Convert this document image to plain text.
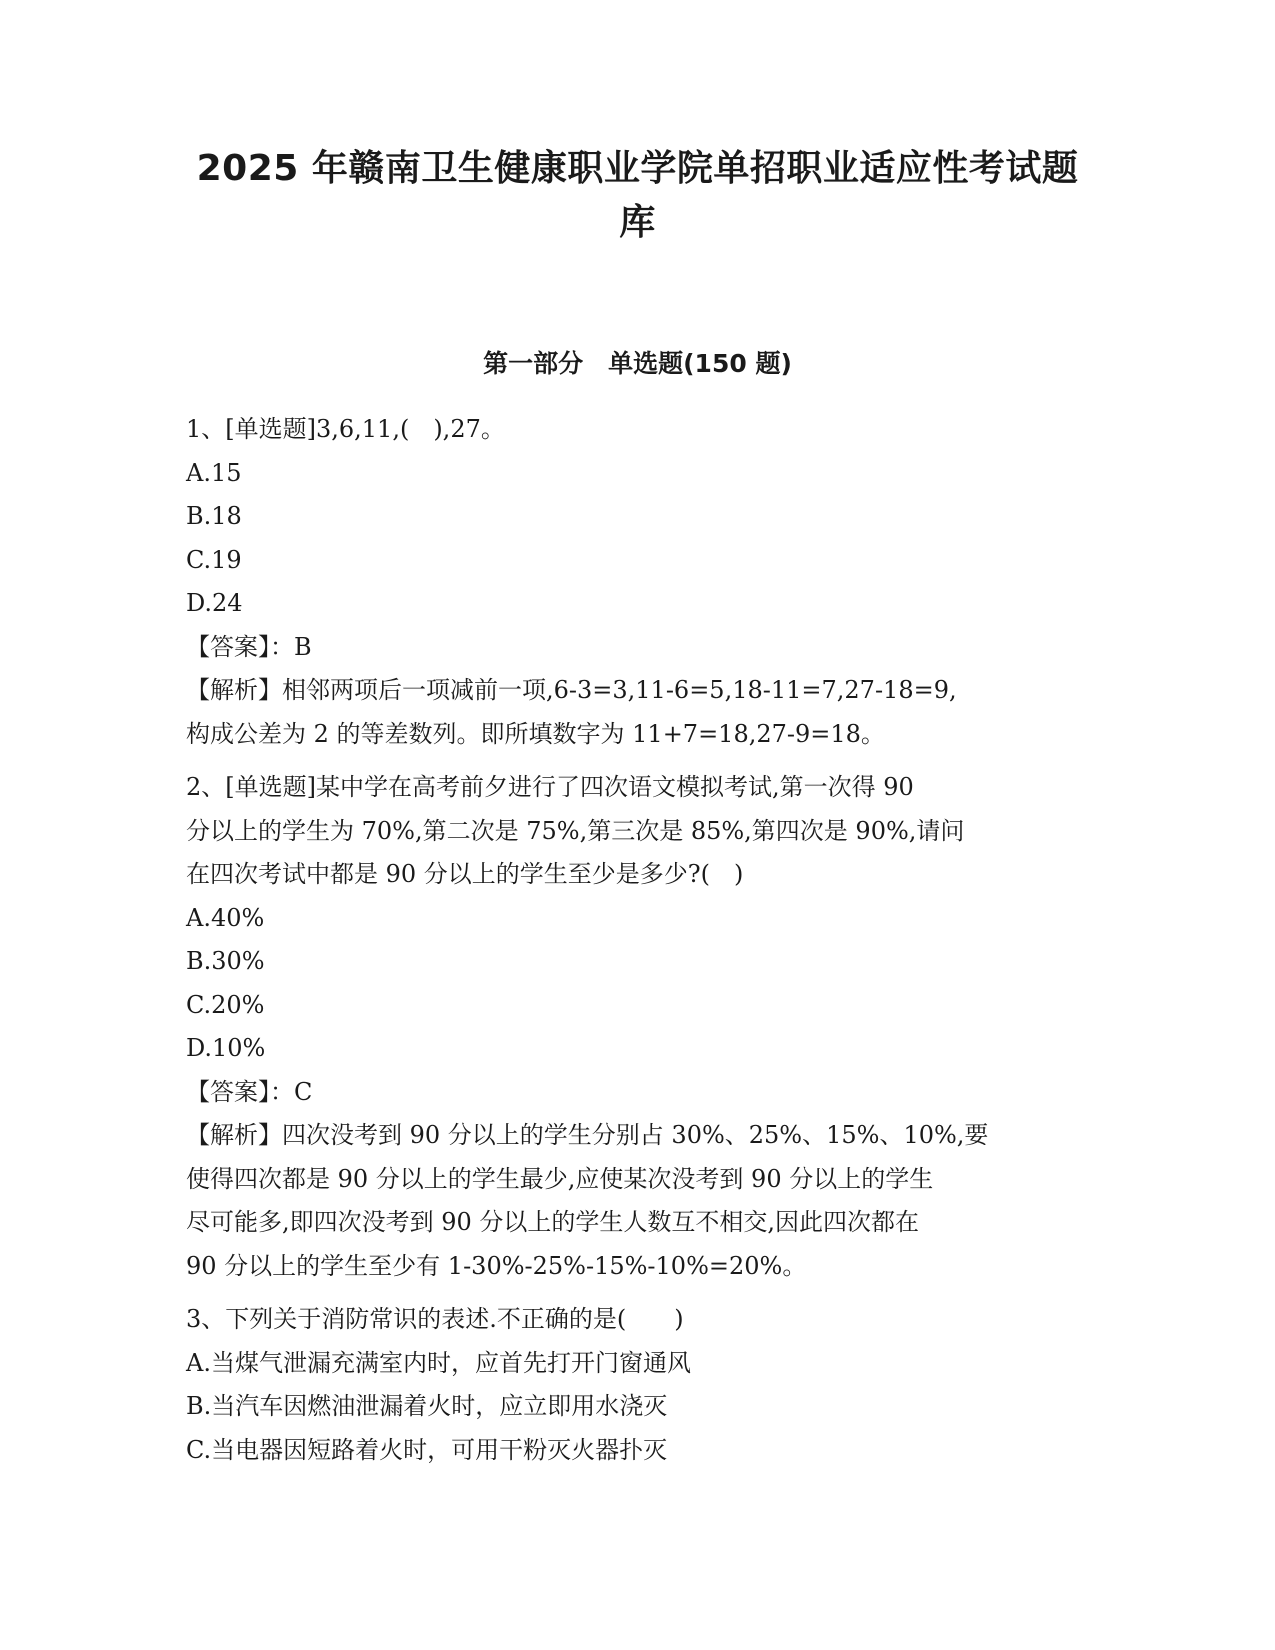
2025 年赣南卫生健康职业学院单招职业适应性考试题
库
第一部分　单选题(150 题)
1、[单选题]3,6,11,(　),27。
A.15
B.18
C.19
D.24
【答案】：B
【解析】相邻两项后一项减前一项,6-3=3,11-6=5,18-11=7,27-18=9,
构成公差为 2 的等差数列。即所填数字为 11+7=18,27-9=18。
2、[单选题]某中学在高考前夕进行了四次语文模拟考试,第一次得 90
分以上的学生为 70%,第二次是 75%,第三次是 85%,第四次是 90%,请问
在四次考试中都是 90 分以上的学生至少是多少?(　)
A.40%
B.30%
C.20%
D.10%
【答案】：C
【解析】四次没考到 90 分以上的学生分别占 30%、25%、15%、10%,要
使得四次都是 90 分以上的学生最少,应使某次没考到 90 分以上的学生
尽可能多,即四次没考到 90 分以上的学生人数互不相交,因此四次都在
90 分以上的学生至少有 1-30%-25%-15%-10%=20%。
3、下列关于消防常识的表述.不正确的是(　　)
A.当煤气泄漏充满室内时，应首先打开门窗通风
B.当汽车因燃油泄漏着火时，应立即用水浇灭
C.当电器因短路着火时，可用干粉灭火器扑灭
